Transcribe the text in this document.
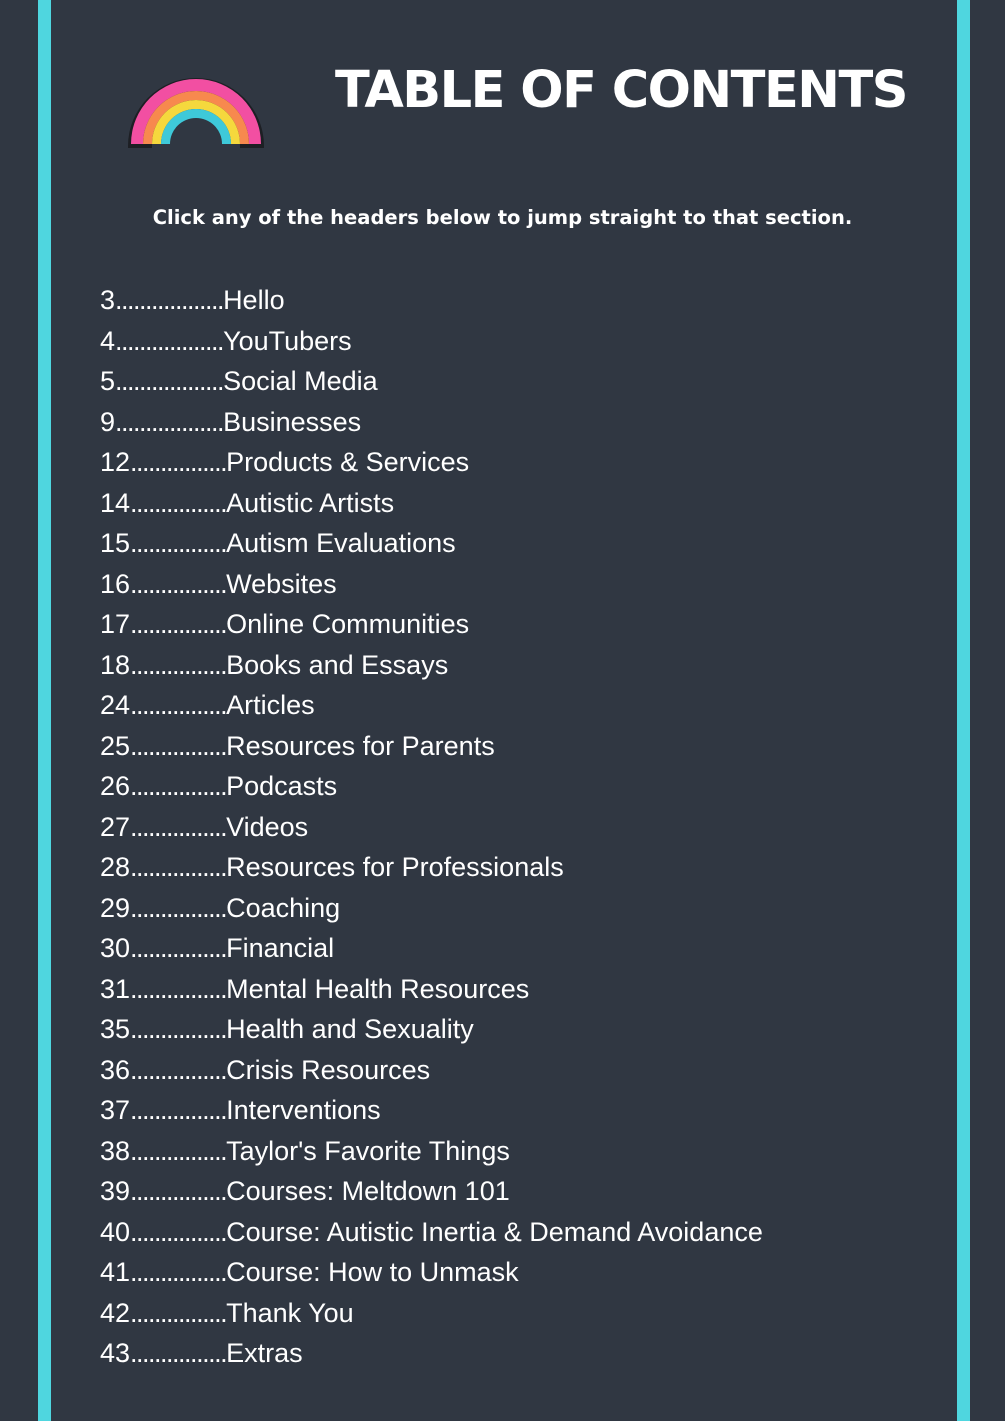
TABLE OF CONTENTS
Click any of the headers below to jump straight to that section.
3..................Hello
4..................YouTubers
5..................Social Media
9..................Businesses
12................Products & Services
14................Autistic Artists
15................Autism Evaluations
16................Websites
17................Online Communities
18................Books and Essays
24................Articles
25................Resources for Parents
26................Podcasts
27................Videos
28................Resources for Professionals
29................Coaching
30................Financial
31................Mental Health Resources
35................Health and Sexuality
36................Crisis Resources
37................Interventions
38................Taylor's Favorite Things
39................Courses: Meltdown 101
40................Course: Autistic Inertia & Demand Avoidance
41................Course: How to Unmask
42................Thank You
43................Extras
